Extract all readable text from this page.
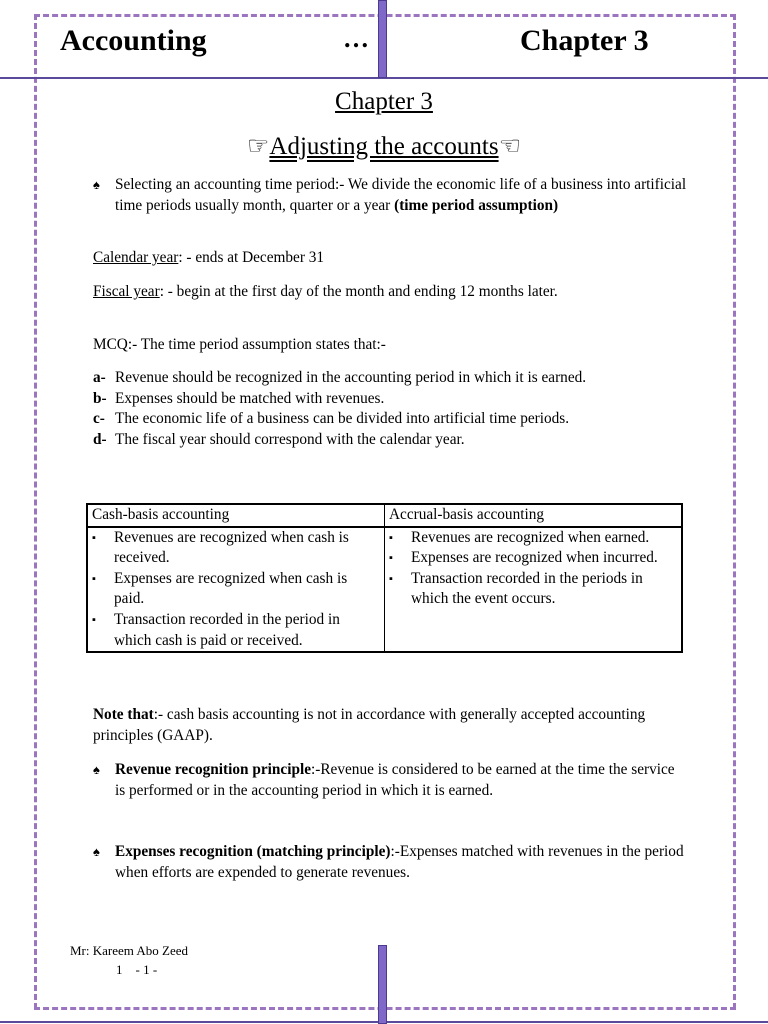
Accounting	…	Chapter 3
Chapter 3
☞Adjusting the accounts☜
♠ Selecting an accounting time period:- We divide the economic life of a business into artificial time periods usually month, quarter or a year (time period assumption)
Calendar year: - ends at December 31
Fiscal year: - begin at the first day of the month and ending 12 months later.
MCQ:- The time period assumption states that:-
a- Revenue should be recognized in the accounting period in which it is earned.
b- Expenses should be matched with revenues.
c- The economic life of a business can be divided into artificial time periods.
d- The fiscal year should correspond with the calendar year.
Cash-basis accounting	Accrual-basis accounting

▪	Revenues are recognized when cash is received.
▪	Expenses are recognized when cash is paid.
▪	Transaction recorded in the period in which cash is paid or received.

▪	Revenues are recognized when earned.
▪	Expenses are recognized when incurred.
▪	Transaction recorded in the periods in which the event occurs.
Note that:- cash basis accounting is not in accordance with generally accepted accounting principles (GAAP).
♠ Revenue recognition principle:-Revenue is considered to be earned at the time the service is performed or in the accounting period in which it is earned.
♠ Expenses recognition (matching principle):-Expenses matched with revenues in the period when efforts are expended to generate revenues.
Mr: Kareem Abo Zeed
1    - 1 -
